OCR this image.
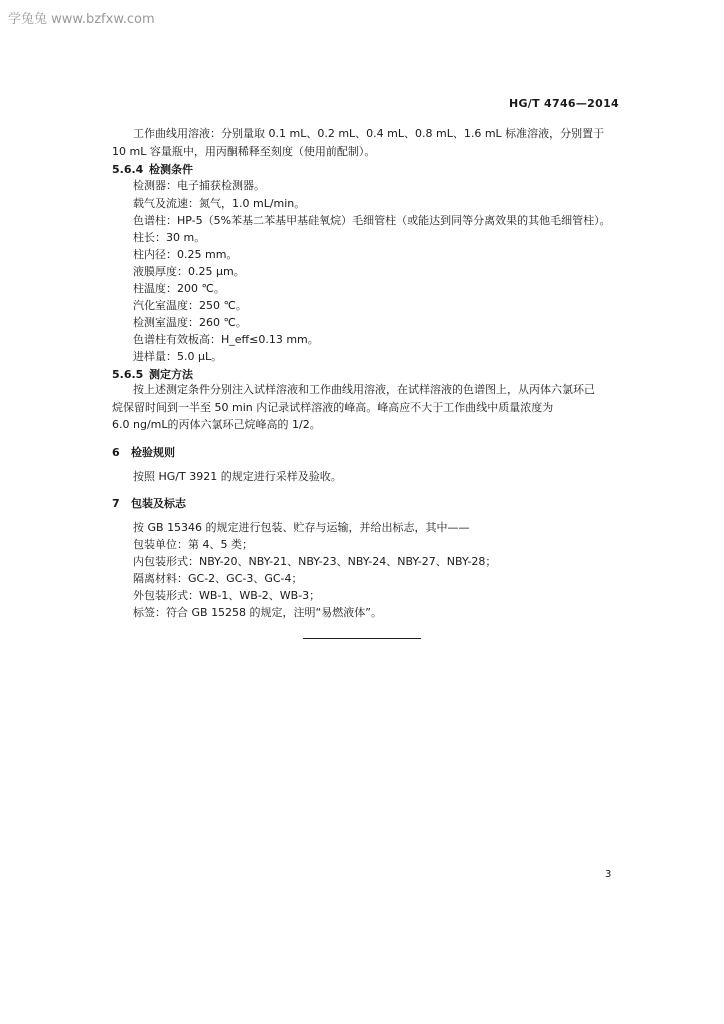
学兔兔 www.bzfxw.com
HG/T 4746—2014
工作曲线用溶液：分别量取 0.1 mL、0.2 mL、0.4 mL、0.8 mL、1.6 mL 标准溶液，分别置于
10 mL 容量瓶中，用丙酮稀释至刻度（使用前配制）。
5.6.4 检测条件
检测器：电子捕获检测器。
载气及流速：氮气，1.0 mL/min。
色谱柱：HP-5（5%苯基二苯基甲基硅氧烷）毛细管柱（或能达到同等分离效果的其他毛细管柱）。
柱长：30 m。
柱内径：0.25 mm。
液膜厚度：0.25 μm。
柱温度：200 ℃。
汽化室温度：250 ℃。
检测室温度：260 ℃。
色谱柱有效板高：H_eff≤0.13 mm。
进样量：5.0 μL。
5.6.5 测定方法
按上述测定条件分别注入试样溶液和工作曲线用溶液，在试样溶液的色谱图上，从丙体六氯环己
烷保留时间到一半至 50 min 内记录试样溶液的峰高。峰高应不大于工作曲线中质量浓度为
6.0 ng/mL的丙体六氯环己烷峰高的 1/2。
6 检验规则
按照 HG/T 3921 的规定进行采样及验收。
7 包装及标志
按 GB 15346 的规定进行包装、贮存与运输，并给出标志，其中——
包装单位：第 4、5 类；
内包装形式：NBY-20、NBY-21、NBY-23、NBY-24、NBY-27、NBY-28；
隔离材料：GC-2、GC-3、GC-4；
外包装形式：WB-1、WB-2、WB-3；
标签：符合 GB 15258 的规定，注明“易燃液体”。
3
